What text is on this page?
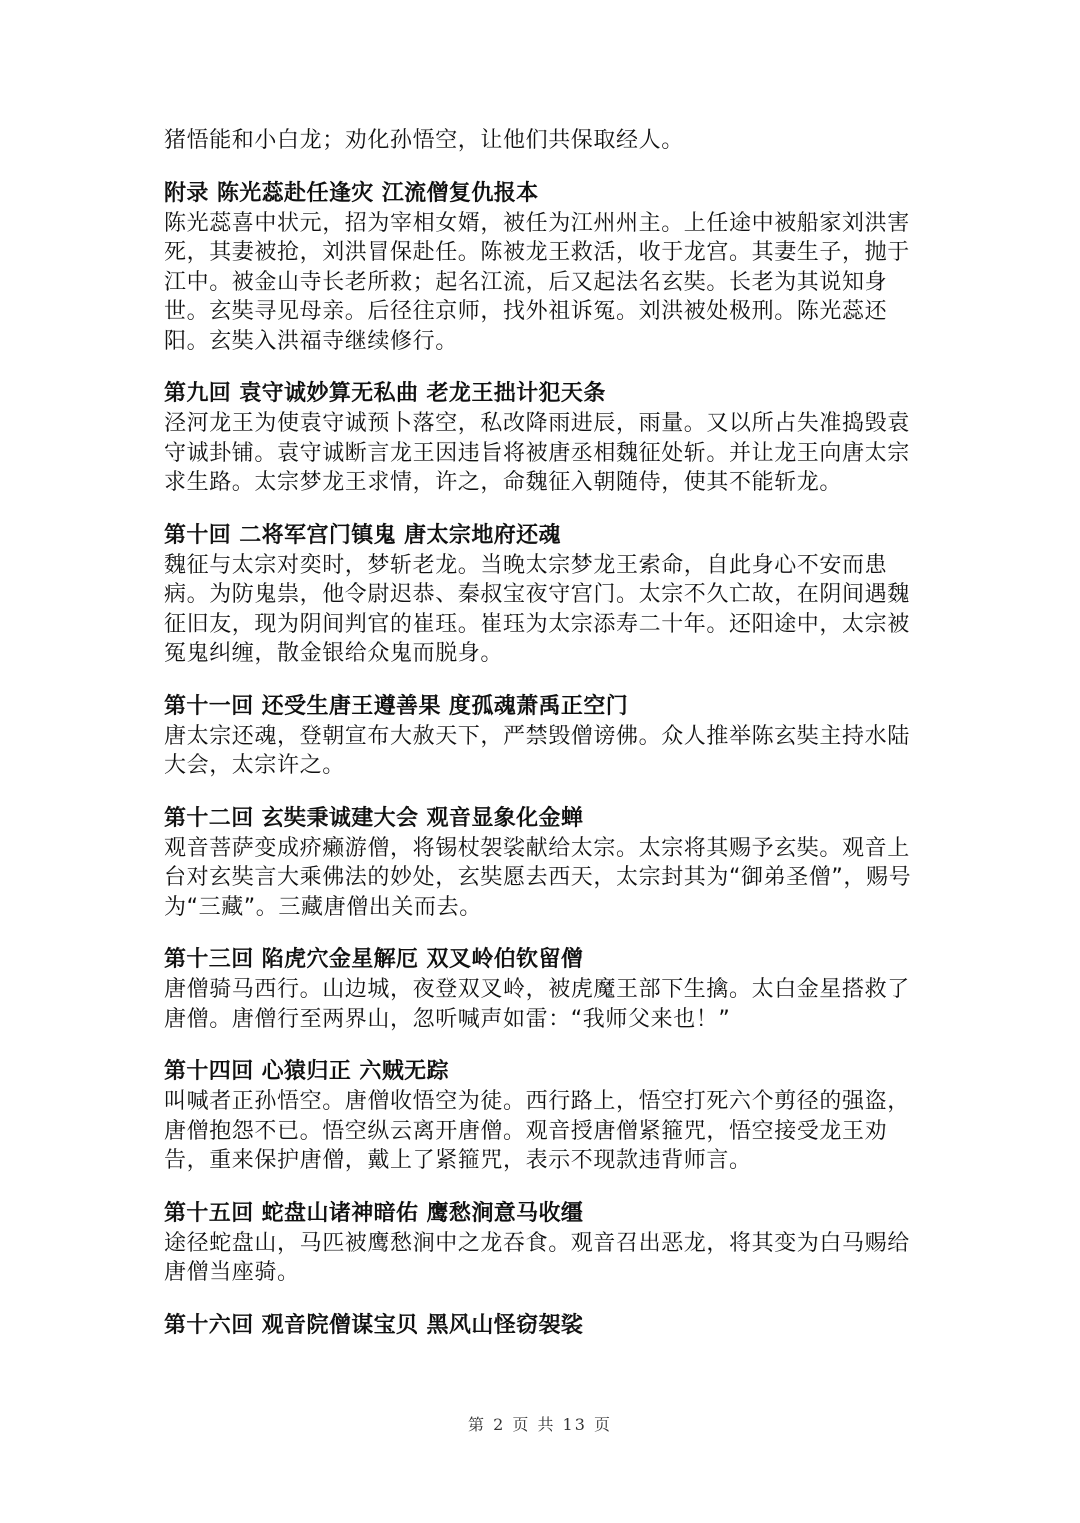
猪悟能和小白龙；劝化孙悟空，让他们共保取经人。

附录 陈光蕊赴任逢灾 江流僧复仇报本

陈光蕊喜中状元，招为宰相女婿，被任为江州州主。上任途中被船家刘洪害死，其妻被抢，刘洪冒保赴任。陈被龙王救活，收于龙宫。其妻生子，抛于江中。被金山寺长老所救；起名江流，后又起法名玄奘。长老为其说知身世。玄奘寻见母亲。后径往京师，找外祖诉冤。刘洪被处极刑。陈光蕊还阳。玄奘入洪福寺继续修行。

第九回 袁守诚妙算无私曲 老龙王拙计犯天条

泾河龙王为使袁守诚预卜落空，私改降雨进辰，雨量。又以所占失准捣毁袁守诚卦铺。袁守诚断言龙王因违旨将被唐丞相魏征处斩。并让龙王向唐太宗求生路。太宗梦龙王求情，许之，命魏征入朝随侍，使其不能斩龙。

第十回 二将军宫门镇鬼 唐太宗地府还魂

魏征与太宗对奕时，梦斩老龙。当晚太宗梦龙王索命，自此身心不安而患病。为防鬼祟，他令尉迟恭、秦叔宝夜守宫门。太宗不久亡故，在阴间遇魏征旧友，现为阴间判官的崔珏。崔珏为太宗添寿二十年。还阳途中，太宗被冤鬼纠缠，散金银给众鬼而脱身。

第十一回 还受生唐王遵善果 度孤魂萧禹正空门

唐太宗还魂，登朝宣布大赦天下，严禁毁僧谤佛。众人推举陈玄奘主持水陆大会，太宗许之。

第十二回 玄奘秉诚建大会 观音显象化金蝉

观音菩萨变成疥癞游僧，将锡杖袈裟献给太宗。太宗将其赐予玄奘。观音上台对玄奘言大乘佛法的妙处，玄奘愿去西天，太宗封其为“御弟圣僧”，赐号为“三藏”。三藏唐僧出关而去。

第十三回 陷虎穴金星解厄 双叉岭伯钦留僧

唐僧骑马西行。山边城，夜登双叉岭，被虎魔王部下生擒。太白金星搭救了唐僧。唐僧行至两界山，忽听喊声如雷：“我师父来也！”

第十四回 心猿归正 六贼无踪

叫喊者正孙悟空。唐僧收悟空为徒。西行路上，悟空打死六个剪径的强盗，唐僧抱怨不已。悟空纵云离开唐僧。观音授唐僧紧箍咒，悟空接受龙王劝告，重来保护唐僧，戴上了紧箍咒，表示不现款违背师言。

第十五回 蛇盘山诸神暗佑 鹰愁涧意马收缰

途径蛇盘山，马匹被鹰愁涧中之龙吞食。观音召出恶龙，将其变为白马赐给唐僧当座骑。

第十六回 观音院僧谋宝贝 黑风山怪窃袈裟
第 2 页 共 13 页
